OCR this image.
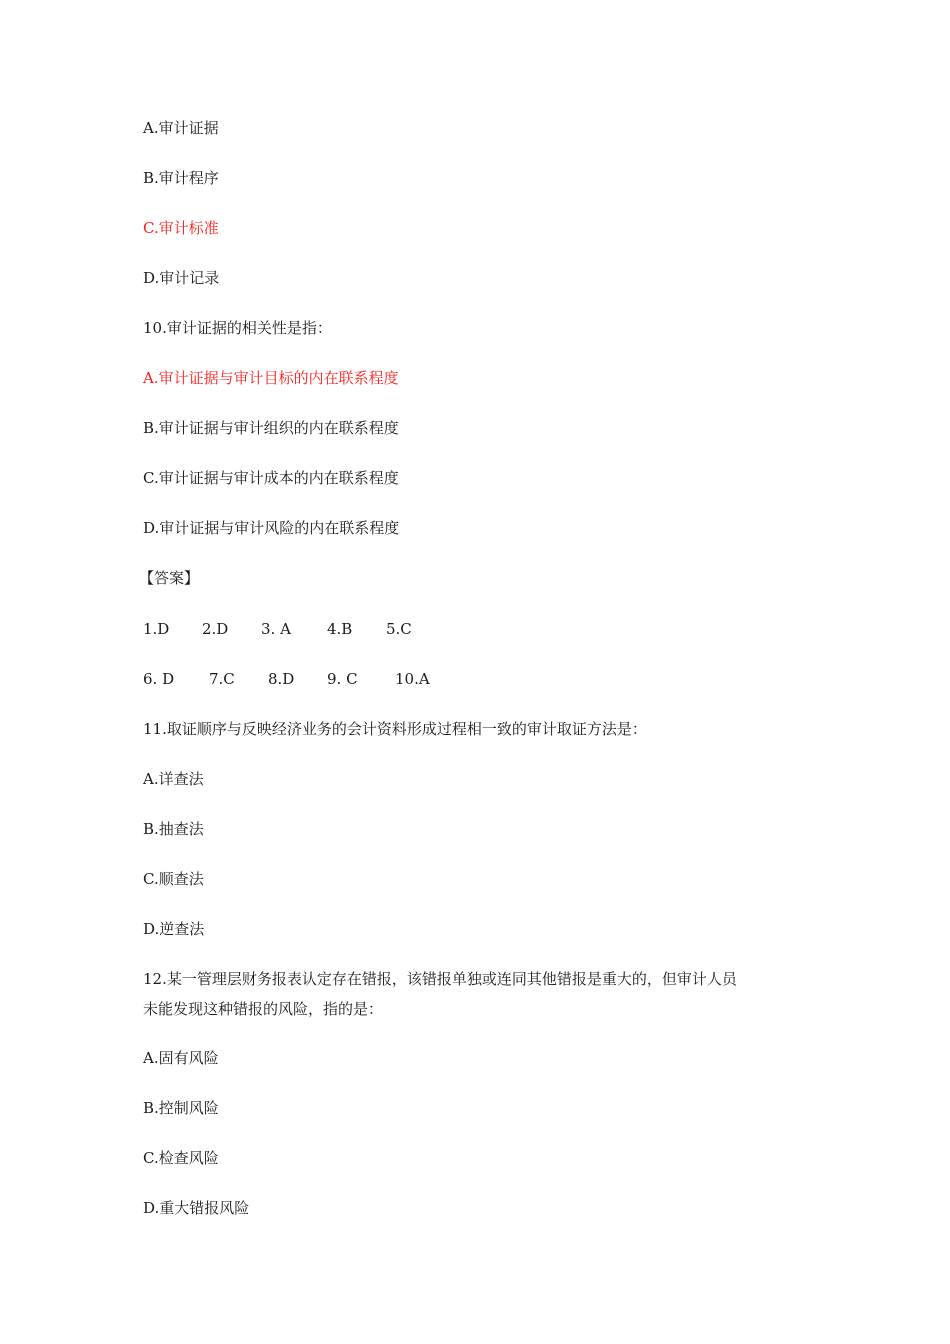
A.审计证据
B.审计程序
C.审计标准
D.审计记录
10.审计证据的相关性是指：
A.审计证据与审计目标的内在联系程度
B.审计证据与审计组织的内在联系程度
C.审计证据与审计成本的内在联系程度
D.审计证据与审计风险的内在联系程度
【答案】
1.D 2.D 3. A 4.B 5.C
6. D 7.C 8.D 9. C 10.A
11.取证顺序与反映经济业务的会计资料形成过程相一致的审计取证方法是：
A.详查法
B.抽查法
C.顺查法
D.逆查法
12.某一管理层财务报表认定存在错报，该错报单独或连同其他错报是重大的，但审计人员
未能发现这种错报的风险，指的是：
A.固有风险
B.控制风险
C.检查风险
D.重大错报风险
